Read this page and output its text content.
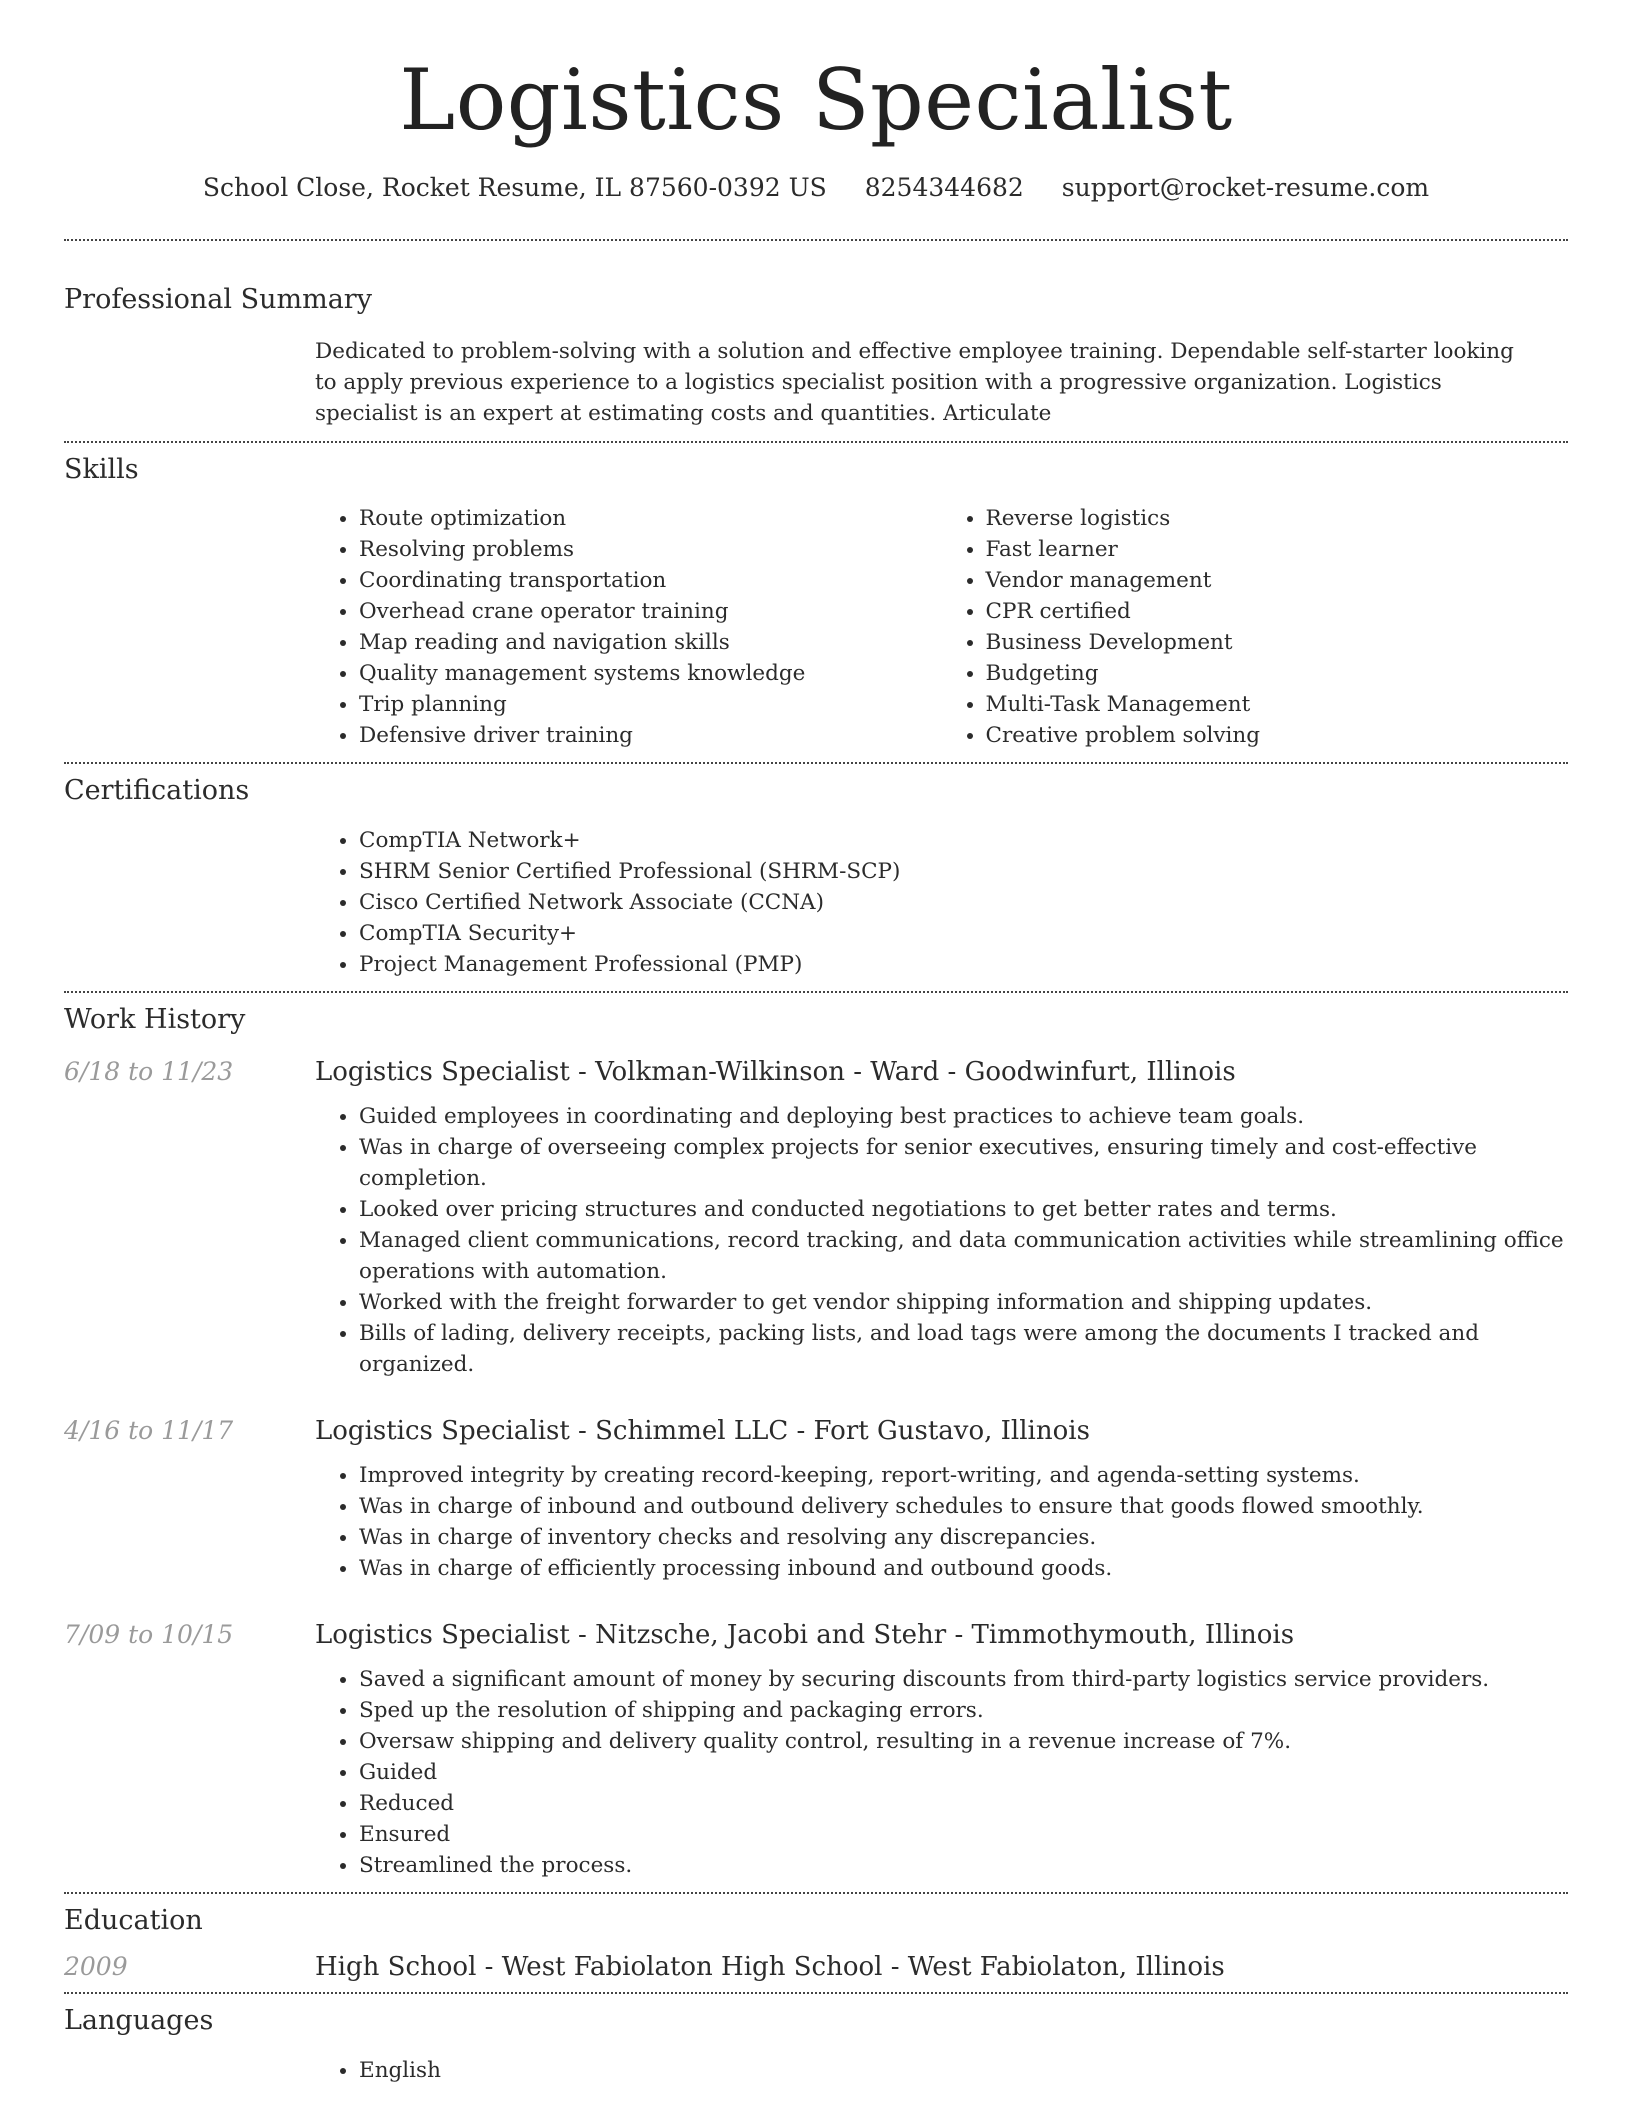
Logistics Specialist
School Close, Rocket Resume, IL 87560-0392 US 8254344682 support@rocket-resume.com
Professional Summary
Dedicated to problem-solving with a solution and effective employee training. Dependable self-starter looking to apply previous experience to a logistics specialist position with a progressive organization. Logistics specialist is an expert at estimating costs and quantities. Articulate
Skills
• Route optimization
• Resolving problems
• Coordinating transportation
• Overhead crane operator training
• Map reading and navigation skills
• Quality management systems knowledge
• Trip planning
• Defensive driver training
• Reverse logistics
• Fast learner
• Vendor management
• CPR certified
• Business Development
• Budgeting
• Multi-Task Management
• Creative problem solving
Certifications
• CompTIA Network+
• SHRM Senior Certified Professional (SHRM-SCP)
• Cisco Certified Network Associate (CCNA)
• CompTIA Security+
• Project Management Professional (PMP)
Work History
6/18 to 11/23	Logistics Specialist - Volkman-Wilkinson - Ward - Goodwinfurt, Illinois
• Guided employees in coordinating and deploying best practices to achieve team goals.
• Was in charge of overseeing complex projects for senior executives, ensuring timely and cost-effective completion.
• Looked over pricing structures and conducted negotiations to get better rates and terms.
• Managed client communications, record tracking, and data communication activities while streamlining office operations with automation.
• Worked with the freight forwarder to get vendor shipping information and shipping updates.
• Bills of lading, delivery receipts, packing lists, and load tags were among the documents I tracked and organized.
4/16 to 11/17	Logistics Specialist - Schimmel LLC - Fort Gustavo, Illinois
• Improved integrity by creating record-keeping, report-writing, and agenda-setting systems.
• Was in charge of inbound and outbound delivery schedules to ensure that goods flowed smoothly.
• Was in charge of inventory checks and resolving any discrepancies.
• Was in charge of efficiently processing inbound and outbound goods.
7/09 to 10/15	Logistics Specialist - Nitzsche, Jacobi and Stehr - Timmothymouth, Illinois
• Saved a significant amount of money by securing discounts from third-party logistics service providers.
• Sped up the resolution of shipping and packaging errors.
• Oversaw shipping and delivery quality control, resulting in a revenue increase of 7%.
• Guided
• Reduced
• Ensured
• Streamlined the process.
Education
2009	High School - West Fabiolaton High School - West Fabiolaton, Illinois
Languages
• English
